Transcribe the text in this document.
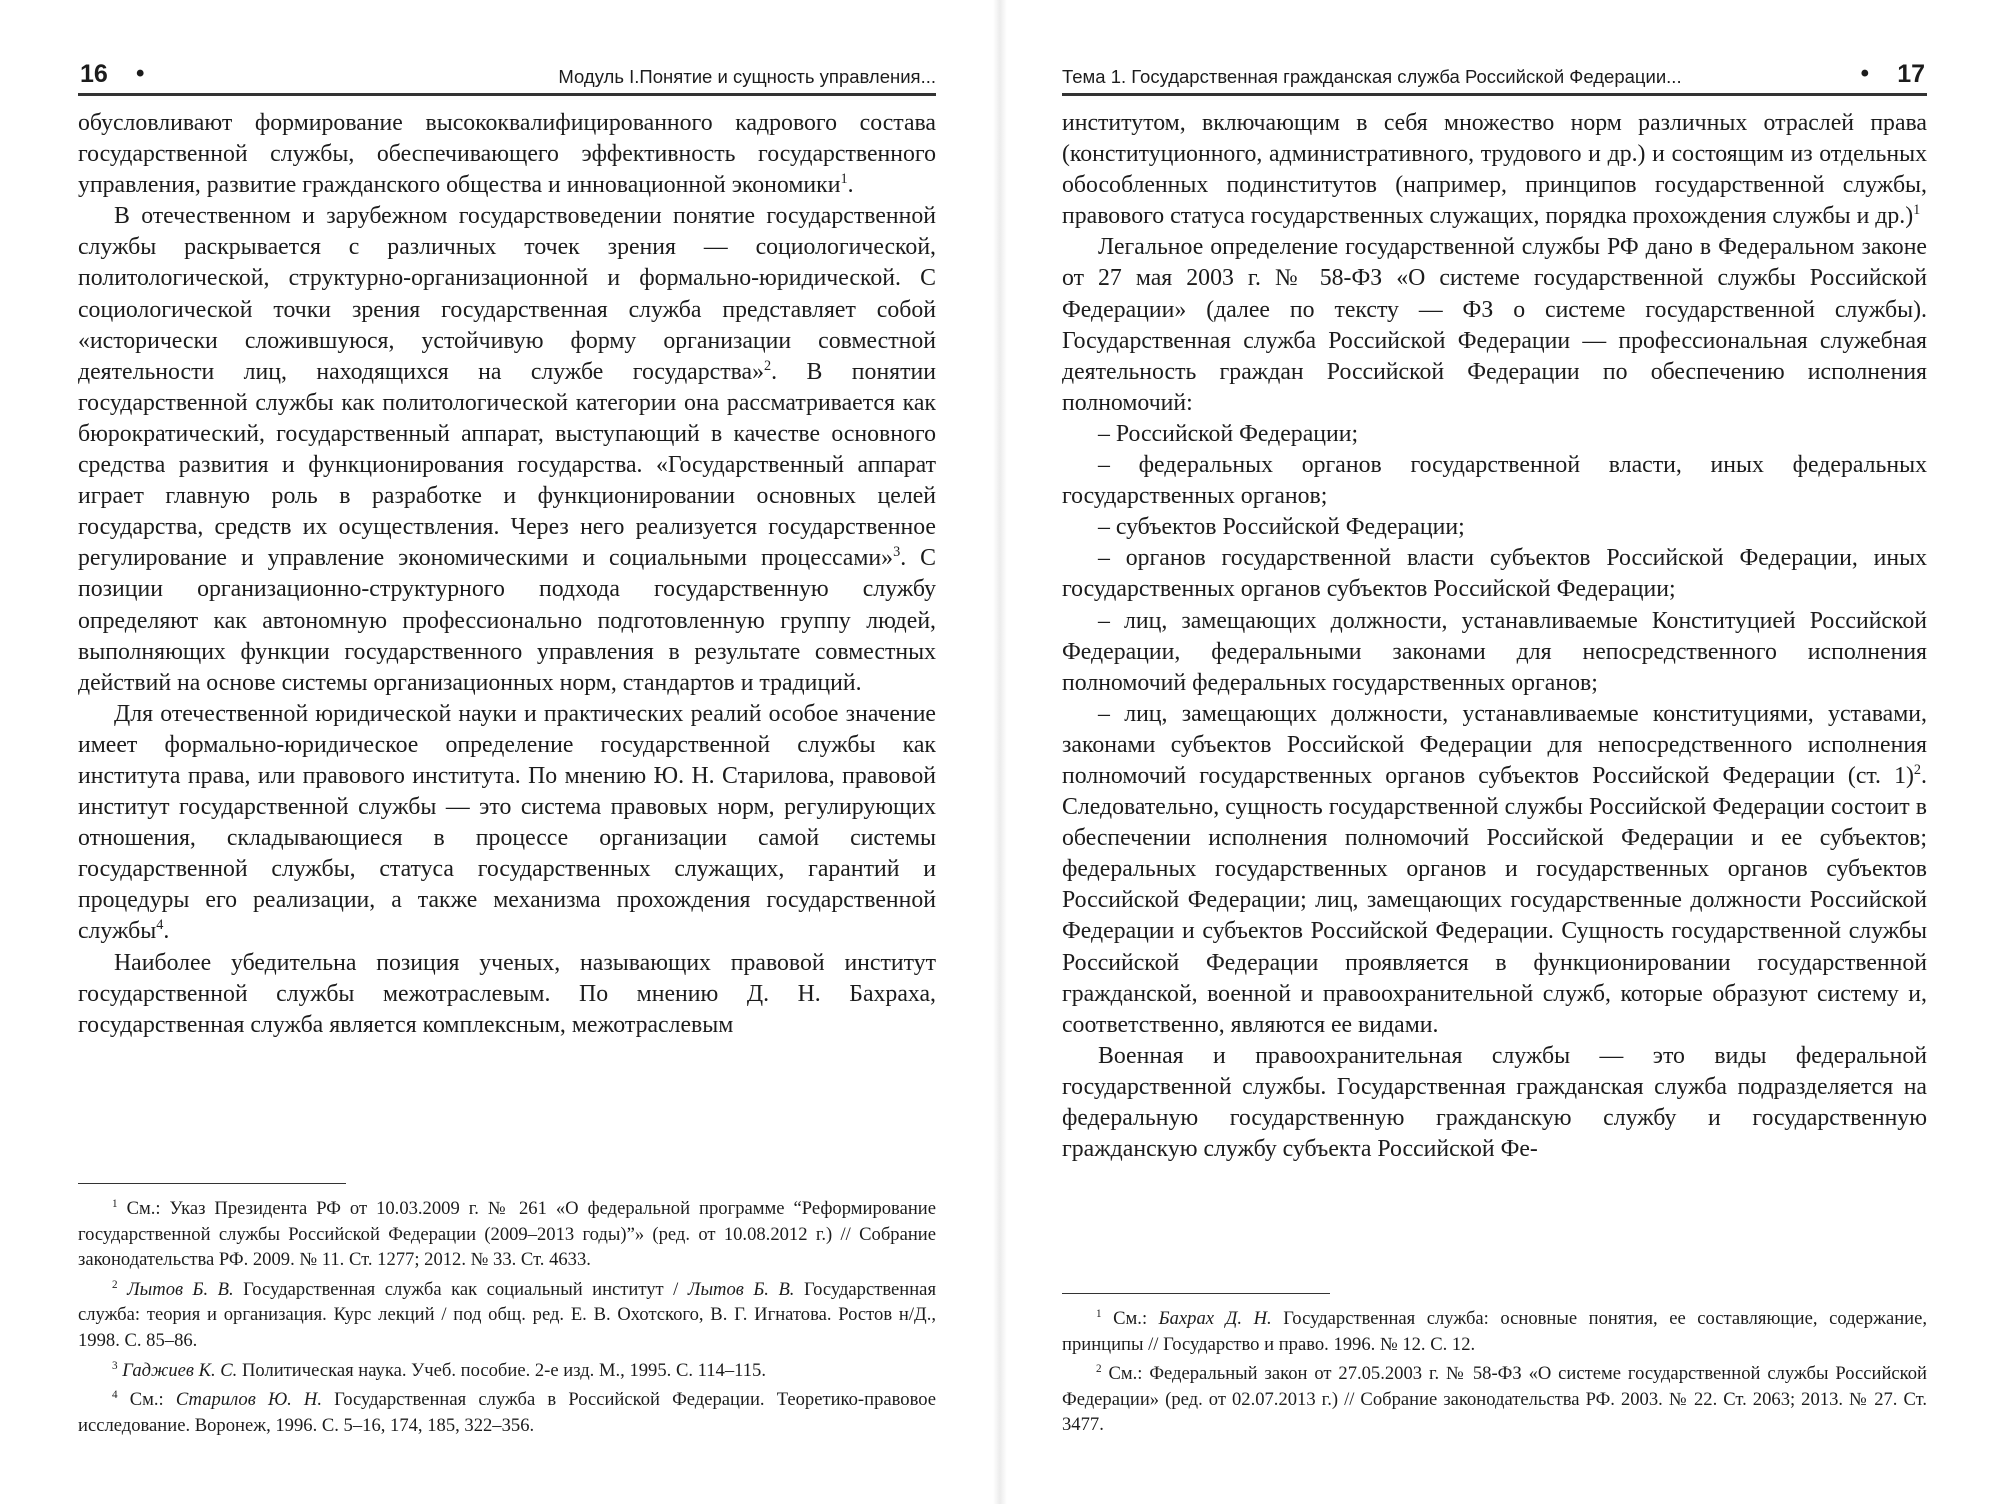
16 •	Модуль I.Понятие и сущность управления...

обусловливают формирование высококвалифицированного кадрового состава государственной службы, обеспечивающего эффективность государственного управления, развитие гражданского общества и инновационной экономики$^1$.

В отечественном и зарубежном государствоведении понятие государственной службы раскрывается с различных точек зрения — социологической, политологической, структурно-организационной и формально-юридической. С социологической точки зрения государственная служба представляет собой «исторически сложившуюся, устойчивую форму организации совместной деятельности лиц, находящихся на службе государства»$^2$. В понятии государственной службы как политологической категории она рассматривается как бюрократический, государственный аппарат, выступающий в качестве основного средства развития и функционирования государства. «Государственный аппарат играет главную роль в разработке и функционировании основных целей государства, средств их осуществления. Через него реализуется государственное регулирование и управление экономическими и социальными процессами»$^3$. С позиции организационно-структурного подхода государственную службу определяют как автономную профессионально подготовленную группу людей, выполняющих функции государственного управления в результате совместных действий на основе системы организационных норм, стандартов и традиций.

Для отечественной юридической науки и практических реалий особое значение имеет формально-юридическое определение государственной службы как института права, или правового института. По мнению Ю. Н. Старилова, правовой институт государственной службы — это система правовых норм, регулирующих отношения, складывающиеся в процессе организации самой системы государственной службы, статуса государственных служащих, гарантий и процедуры его реализации, а также механизма прохождения государственной службы$^4$.

Наиболее убедительна позиция ученых, называющих правовой институт государственной службы межотраслевым. По мнению Д. Н. Бахраха, государственная служба является комплексным, межотраслевым

$^1$ См.: Указ Президента РФ от 10.03.2009 г. № 261 «О федеральной программе “Реформирование государственной службы Российской Федерации (2009–2013 годы)”» (ред. от 10.08.2012 г.) // Собрание законодательства РФ. 2009. № 11. Ст. 1277; 2012. № 33. Ст. 4633.

$^2$ Лытов Б. В. Государственная служба как социальный институт / Лытов Б. В. Государственная служба: теория и организация. Курс лекций / под общ. ред. Е. В. Охотского, В. Г. Игнатова. Ростов н/Д., 1998. С. 85–86.

$^3$ Гаджиев К. С. Политическая наука. Учеб. пособие. 2-е изд. М., 1995. С. 114–115.

$^4$ См.: Старилов Ю. Н. Государственная служба в Российской Федерации. Теоретико-правовое исследование. Воронеж, 1996. С. 5–16, 174, 185, 322–356.

Тема 1. Государственная гражданская служба Российской Федерации...	• 17

институтом, включающим в себя множество норм различных отраслей права (конституционного, административного, трудового и др.) и состоящим из отдельных обособленных подинститутов (например, принципов государственной службы, правового статуса государственных служащих, порядка прохождения службы и др.)$^1$

Легальное определение государственной службы РФ дано в Федеральном законе от 27 мая 2003 г. № 58-ФЗ «О системе государственной службы Российской Федерации» (далее по тексту — ФЗ о системе государственной службы). Государственная служба Российской Федерации — профессиональная служебная деятельность граждан Российской Федерации по обеспечению исполнения полномочий:

– Российской Федерации;

– федеральных органов государственной власти, иных федеральных государственных органов;

– субъектов Российской Федерации;

– органов государственной власти субъектов Российской Федерации, иных государственных органов субъектов Российской Федерации;

– лиц, замещающих должности, устанавливаемые Конституцией Российской Федерации, федеральными законами для непосредственного исполнения полномочий федеральных государственных органов;

– лиц, замещающих должности, устанавливаемые конституциями, уставами, законами субъектов Российской Федерации для непосредственного исполнения полномочий государственных органов субъектов Российской Федерации (ст. 1)$^2$. Следовательно, сущность государственной службы Российской Федерации состоит в обеспечении исполнения полномочий Российской Федерации и ее субъектов; федеральных государственных органов и государственных органов субъектов Российской Федерации; лиц, замещающих государственные должности Российской Федерации и субъектов Российской Федерации. Сущность государственной службы Российской Федерации проявляется в функционировании государственной гражданской, военной и правоохранительной служб, которые образуют систему и, соответственно, являются ее видами.

Военная и правоохранительная службы — это виды федеральной государственной службы. Государственная гражданская служба подразделяется на федеральную государственную гражданскую службу и государственную гражданскую службу субъекта Российской Фе-

$^1$ См.: Бахрах Д. Н. Государственная служба: основные понятия, ее составляющие, содержание, принципы // Государство и право. 1996. № 12. С. 12.

$^2$ См.: Федеральный закон от 27.05.2003 г. № 58-ФЗ «О системе государственной службы Российской Федерации» (ред. от 02.07.2013 г.) // Собрание законодательства РФ. 2003. № 22. Ст. 2063; 2013. № 27. Ст. 3477.
